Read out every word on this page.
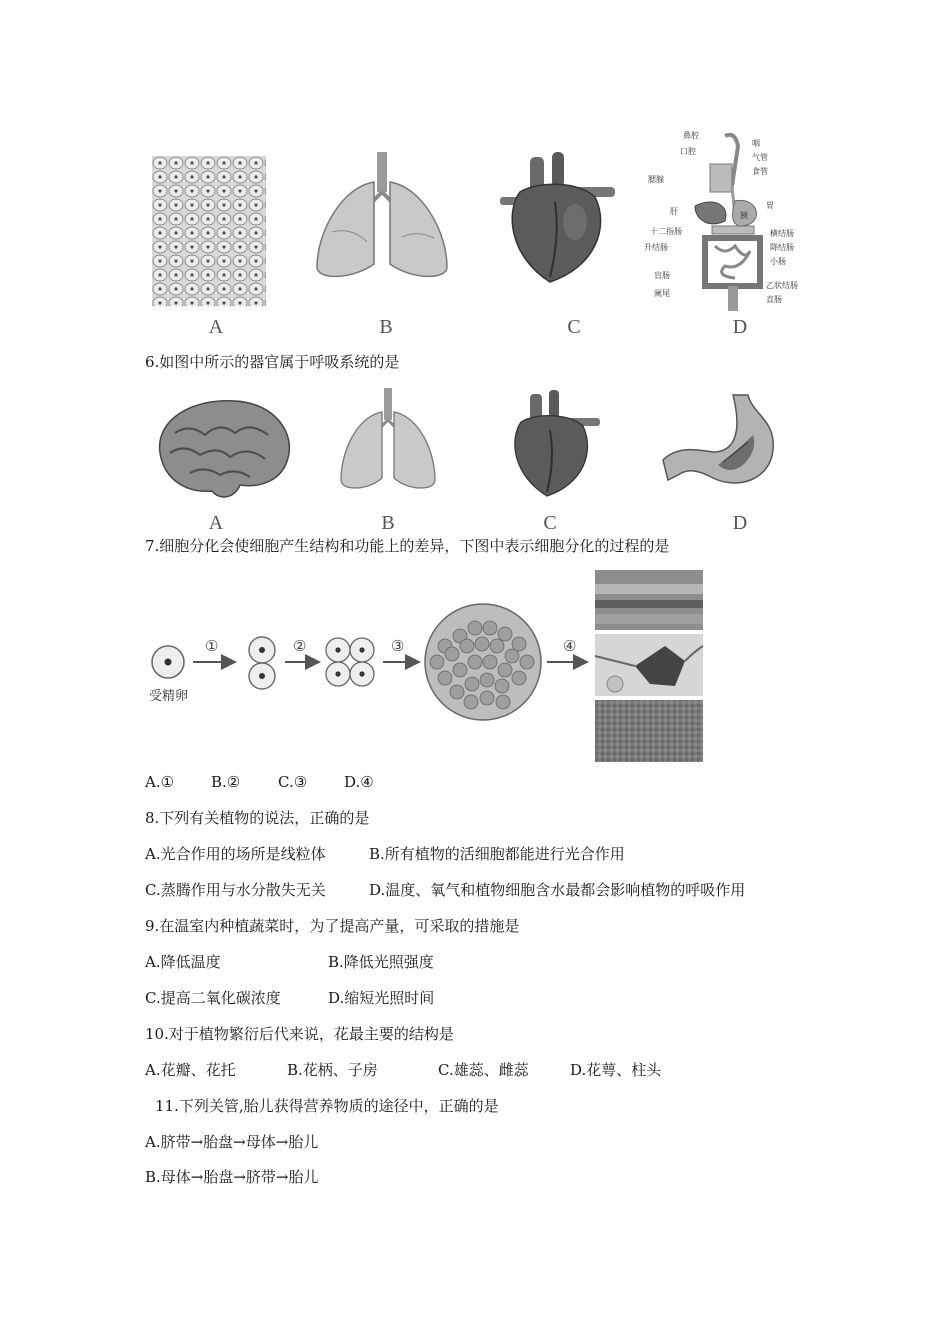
鼻腔
口腔
咽
气管
食管
腮腺
胃
肝	胰
十二指肠	横结肠
降结肠
升结肠
小肠
盲肠
乙状结肠
阑尾
直肠
A	B	C	D
6.如图中所示的器官属于呼吸系统的是
A	B	C	D
7.细胞分化会使细胞产生结构和功能上的差异，下图中表示细胞分化的过程的是
受精卵
①	②	③	④
A.① B.②	C.③ D.④
8.下列有关植物的说法，正确的是
A.光合作用的场所是线粒体	B.所有植物的活细胞都能进行光合作用
C.蒸腾作用与水分散失无关	D.温度、氧气和植物细胞含水最都会影响植物的呼吸作用
9.在温室内种植蔬菜时，为了提高产量，可采取的措施是
A.降低温度	B.降低光照强度
C.提高二氧化碳浓度	D.缩短光照时间
10.对于植物繁衍后代来说，花最主要的结构是
A.花瓣、花托	B.花柄、子房	C.雄蕊、雌蕊	D.花萼、柱头
11.下列关管,胎儿获得营养物质的途径中，正确的是
A.脐带→胎盘→母体→胎儿
B.母体→胎盘→脐带→胎儿
